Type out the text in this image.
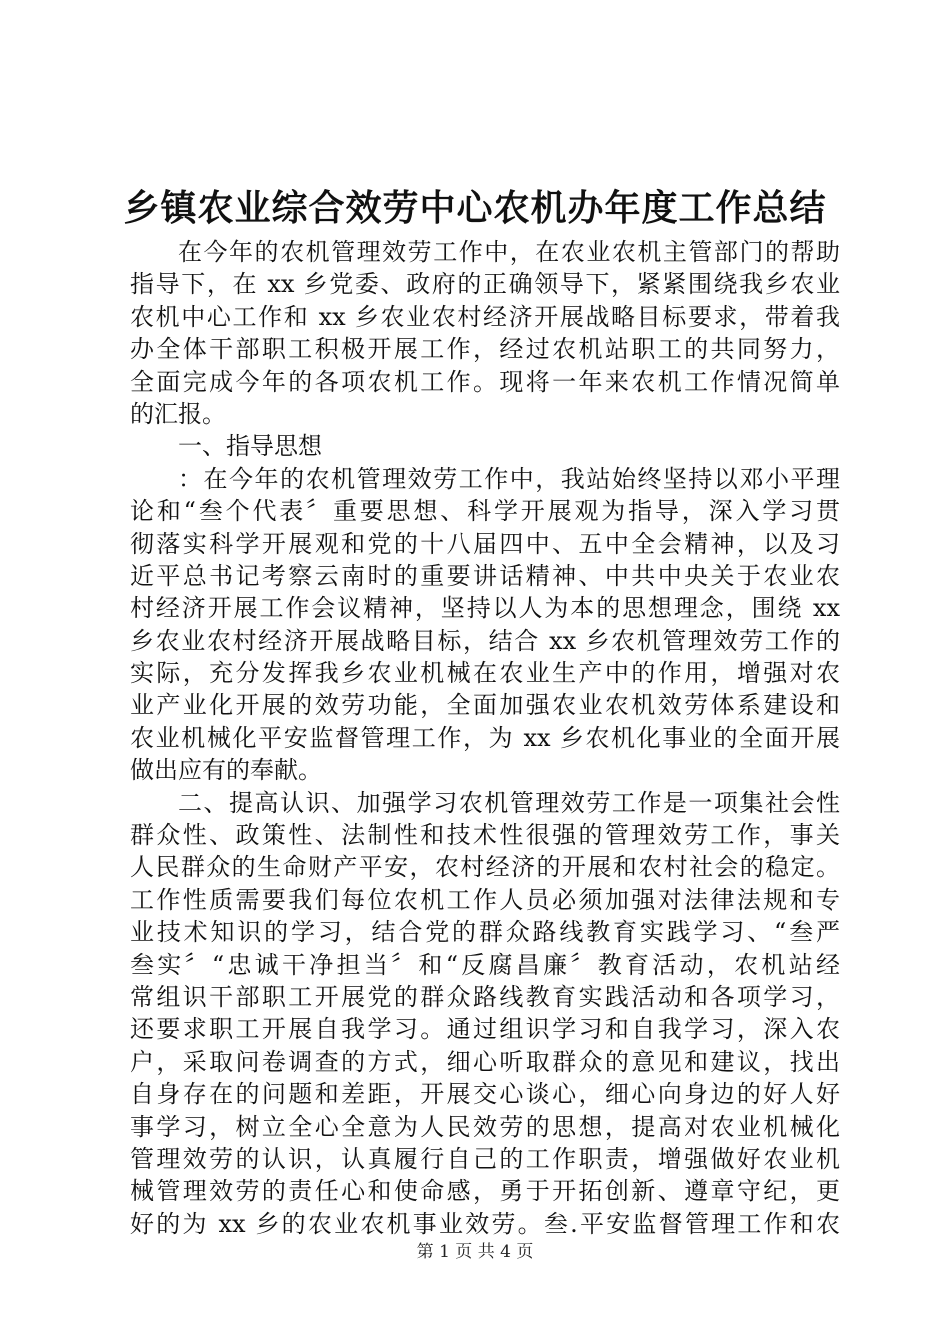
乡镇农业综合效劳中心农机办年度工作总结
在今年的农机管理效劳工作中，在农业农机主管部门的帮助
指导下，在 xx 乡党委、政府的正确领导下，紧紧围绕我乡农业
农机中心工作和 xx 乡农业农村经济开展战略目标要求，带着我
办全体干部职工积极开展工作，经过农机站职工的共同努力，
全面完成今年的各项农机工作。现将一年来农机工作情况简单
的汇报。
一、指导思想
：在今年的农机管理效劳工作中，我站始终坚持以邓小平理
论和“叁个代表〞重要思想、科学开展观为指导，深入学习贯
彻落实科学开展观和党的十八届四中、五中全会精神，以及习
近平总书记考察云南时的重要讲话精神、中共中央关于农业农
村经济开展工作会议精神，坚持以人为本的思想理念，围绕 xx
乡农业农村经济开展战略目标，结合 xx 乡农机管理效劳工作的
实际，充分发挥我乡农业机械在农业生产中的作用，增强对农
业产业化开展的效劳功能，全面加强农业农机效劳体系建设和
农业机械化平安监督管理工作，为 xx 乡农机化事业的全面开展
做出应有的奉献。
二、提高认识、加强学习农机管理效劳工作是一项集社会性
群众性、政策性、法制性和技术性很强的管理效劳工作，事关
人民群众的生命财产平安，农村经济的开展和农村社会的稳定。
工作性质需要我们每位农机工作人员必须加强对法律法规和专
业技术知识的学习，结合党的群众路线教育实践学习、“叁严
叁实〞“忠诚干净担当〞和“反腐昌廉〞教育活动，农机站经
常组识干部职工开展党的群众路线教育实践活动和各项学习，
还要求职工开展自我学习。通过组识学习和自我学习，深入农
户，采取问卷调查的方式，细心听取群众的意见和建议，找出
自身存在的问题和差距，开展交心谈心，细心向身边的好人好
事学习，树立全心全意为人民效劳的思想，提高对农业机械化
管理效劳的认识，认真履行自己的工作职责，增强做好农业机
械管理效劳的责任心和使命感，勇于开拓创新、遵章守纪，更
好的为 xx 乡的农业农机事业效劳。叁.平安监督管理工作和农
第 1 页 共 4 页
